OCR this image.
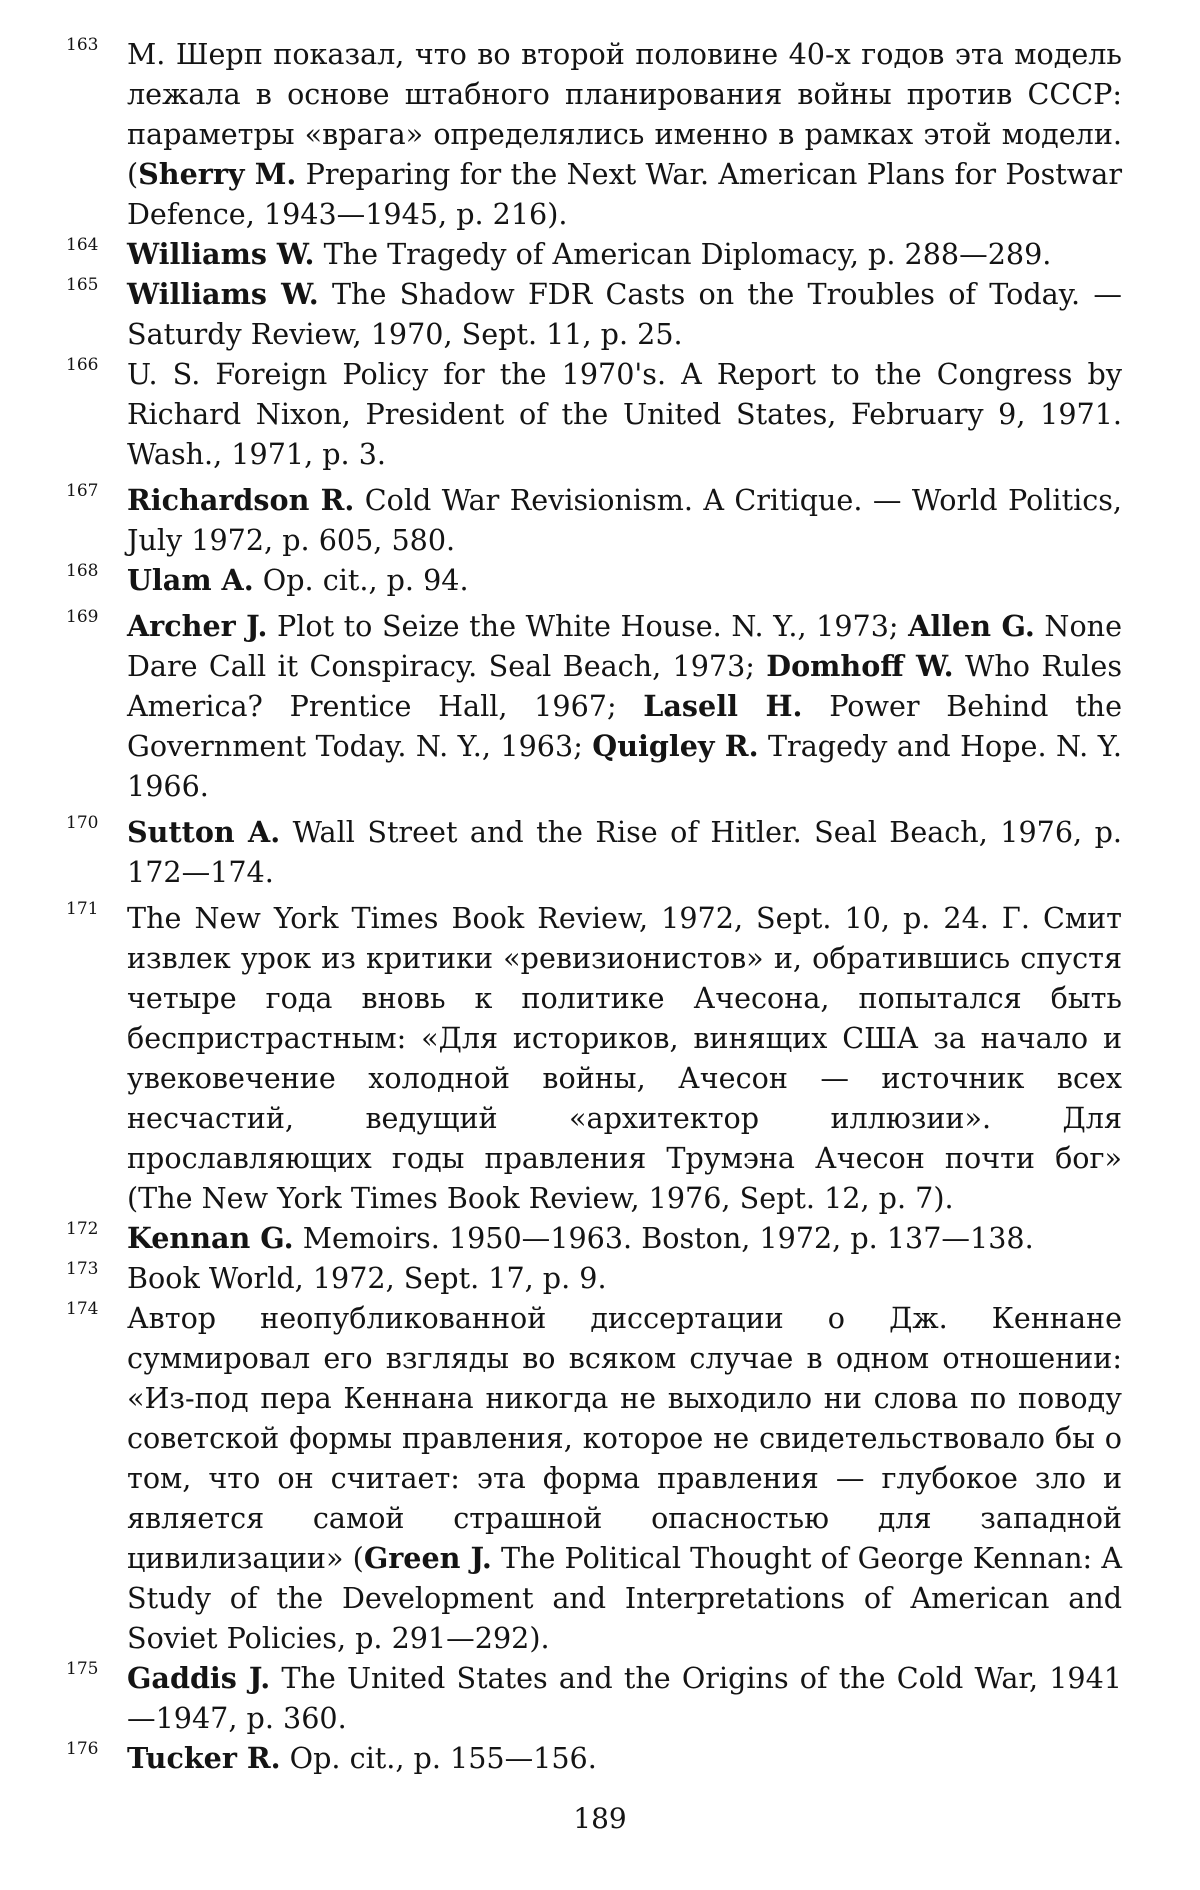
163 М. Шерп показал, что во второй половине 40-х годов эта модель лежала в основе штабного планирования войны против СССР: параметры «врага» определялись именно в рамках этой модели. (Sherry M. Preparing for the Next War. American Plans for Postwar Defence, 1943—1945, p. 216).
164 Williams W. The Tragedy of American Diplomacy, p. 288—289.
165 Williams W. The Shadow FDR Casts on the Troubles of Today. — Saturdy Review, 1970, Sept. 11, p. 25.
166 U. S. Foreign Policy for the 1970's. A Report to the Congress by Richard Nixon, President of the United States, February 9, 1971. Wash., 1971, p. 3.
167 Richardson R. Cold War Revisionism. A Critique. — World Politics, July 1972, p. 605, 580.
168 Ulam A. Op. cit., p. 94.
169 Archer J. Plot to Seize the White House. N. Y., 1973; Allen G. None Dare Call it Conspiracy. Seal Beach, 1973; Domhoff W. Who Rules America? Prentice Hall, 1967; Lasell H. Power Behind the Government Today. N. Y., 1963; Quigley R. Tragedy and Hope. N. Y. 1966.
170 Sutton A. Wall Street and the Rise of Hitler. Seal Beach, 1976, p. 172—174.
171 The New York Times Book Review, 1972, Sept. 10, p. 24. Г. Смит извлек урок из критики «ревизионистов» и, обратившись спустя четыре года вновь к политике Ачесона, попытался быть беспристрастным: «Для историков, винящих США за начало и увековечение холодной войны, Ачесон — источник всех несчастий, ведущий «архитектор иллюзии». Для прославляющих годы правления Трумэна Ачесон почти бог» (The New York Times Book Review, 1976, Sept. 12, p. 7).
172 Kennan G. Memoirs. 1950—1963. Boston, 1972, p. 137—138.
173 Book World, 1972, Sept. 17, p. 9.
174 Автор неопубликованной диссертации о Дж. Кеннане суммировал его взгляды во всяком случае в одном отношении: «Из-под пера Кеннана никогда не выходило ни слова по поводу советской формы правления, которое не свидетельствовало бы о том, что он считает: эта форма правления — глубокое зло и является самой страшной опасностью для западной цивилизации» (Green J. The Political Thought of George Kennan: A Study of the Development and Interpretations of American and Soviet Policies, p. 291—292).
175 Gaddis J. The United States and the Origins of the Cold War, 1941—1947, p. 360.
176 Tucker R. Op. cit., p. 155—156.
189
